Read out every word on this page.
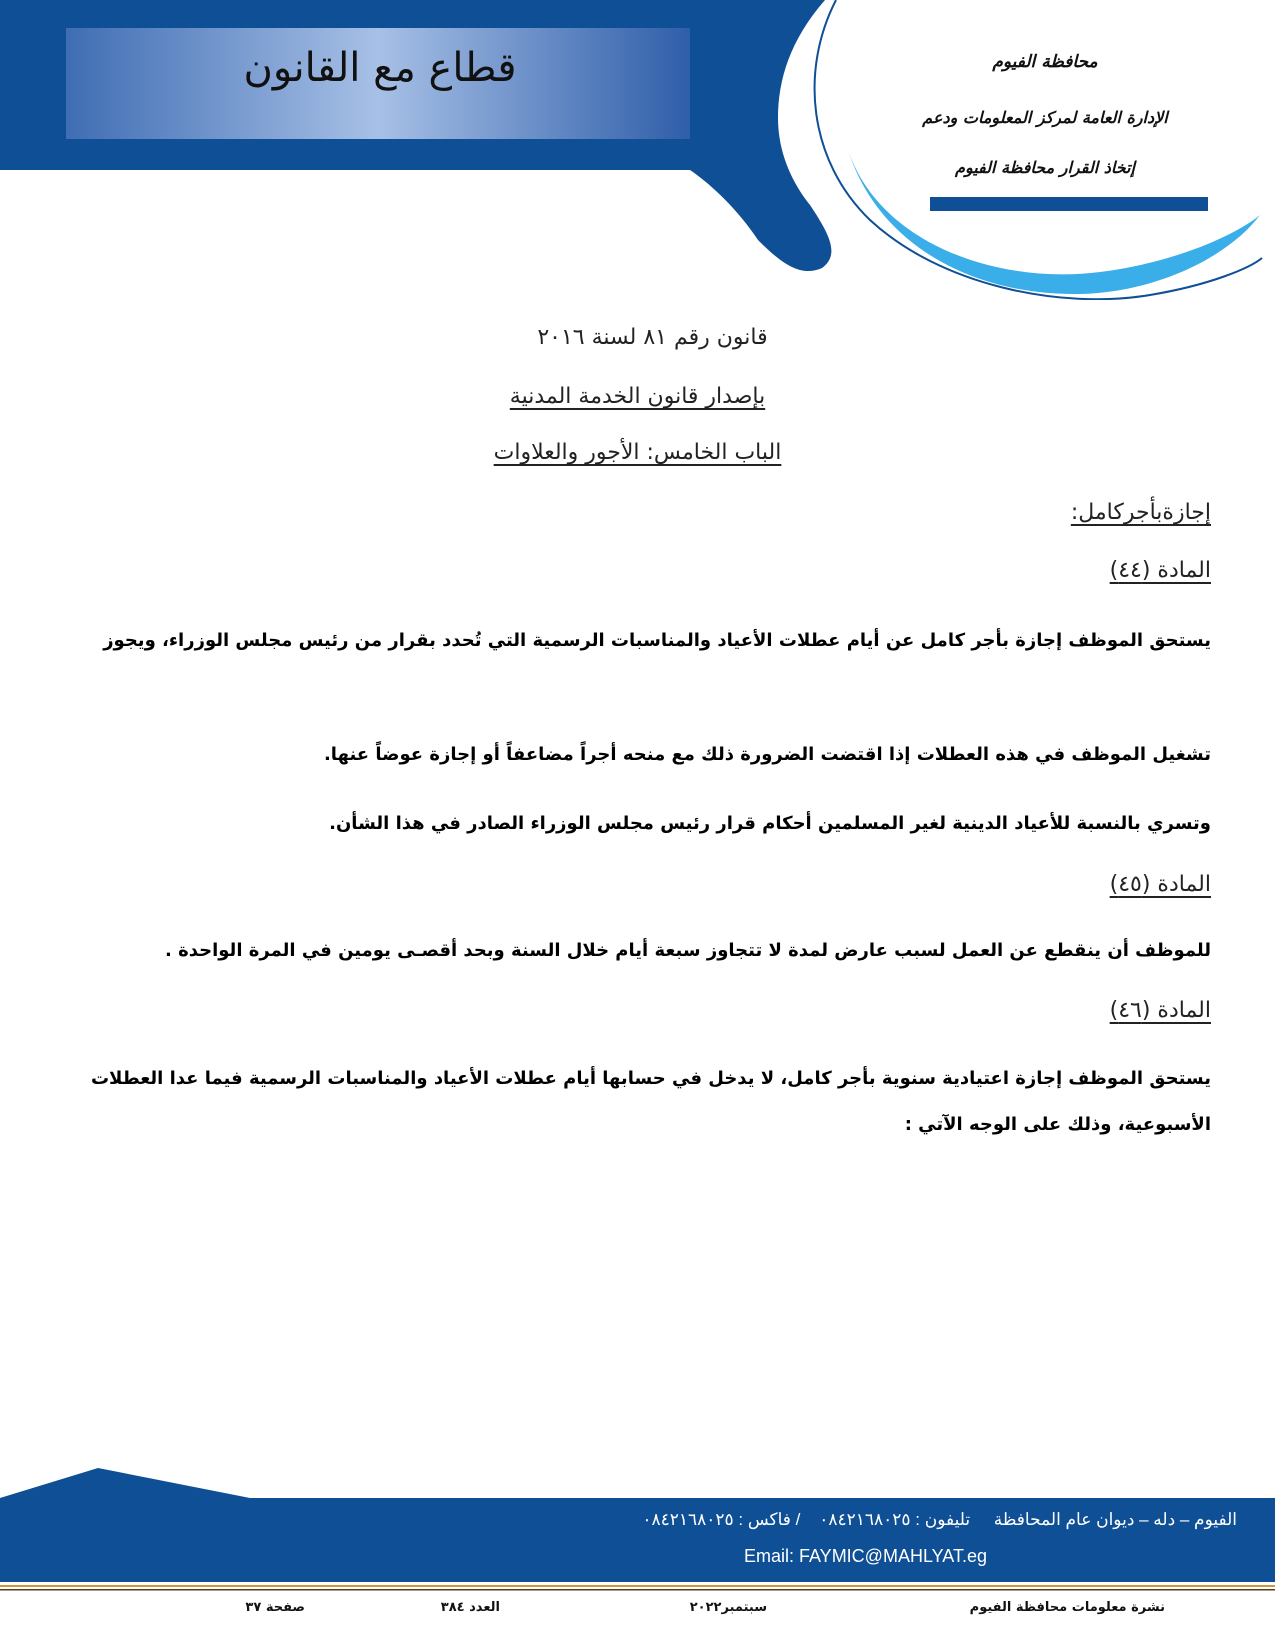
قطاع مع القانون	محافظة الفيوم
الإدارة العامة لمركز المعلومات ودعم
إتخاذ القرار محافظة الفيوم
قانون رقم ٨١ لسنة ٢٠١٦
بإصدار قانون الخدمة المدنية
الباب الخامس: الأجور والعلاوات
إجازةبأجركامل:
المادة (٤٤)
يستحق الموظف إجازة بأجر كامل عن أيام عطلات الأعياد والمناسبات الرسمية التي تُحدد بقرار من رئيس مجلس الوزراء، ويجوز
تشغيل الموظف في هذه العطلات إذا اقتضت الضرورة ذلك مع منحه أجراً مضاعفاً أو إجازة عوضاً عنها.
وتسري بالنسبة للأعياد الدينية لغير المسلمين أحكام قرار رئيس مجلس الوزراء الصادر في هذا الشأن.
المادة (٤٥)
للموظف أن ينقطع عن العمل لسبب عارض لمدة لا تتجاوز سبعة أيام خلال السنة وبحد أقصـى يومين في المرة الواحدة .
المادة (٤٦)
يستحق الموظف إجازة اعتيادية سنوية بأجر كامل، لا يدخل في حسابها أيام عطلات الأعياد والمناسبات الرسمية فيما عدا العطلات الأسبوعية، وذلك على الوجه الآتي :
الفيوم – دله – ديوان عام المحافظة     تليفون : ٠٨٤٢١٦٨٠٢٥    / فاكس : ٠٨٤٢١٦٨٠٢٥
Email: FAYMIC@MAHLYAT.eg
نشرة معلومات محافظة الفيوم
سبتمبر٢٠٢٢
العدد ٣٨٤
صفحة ٣٧
